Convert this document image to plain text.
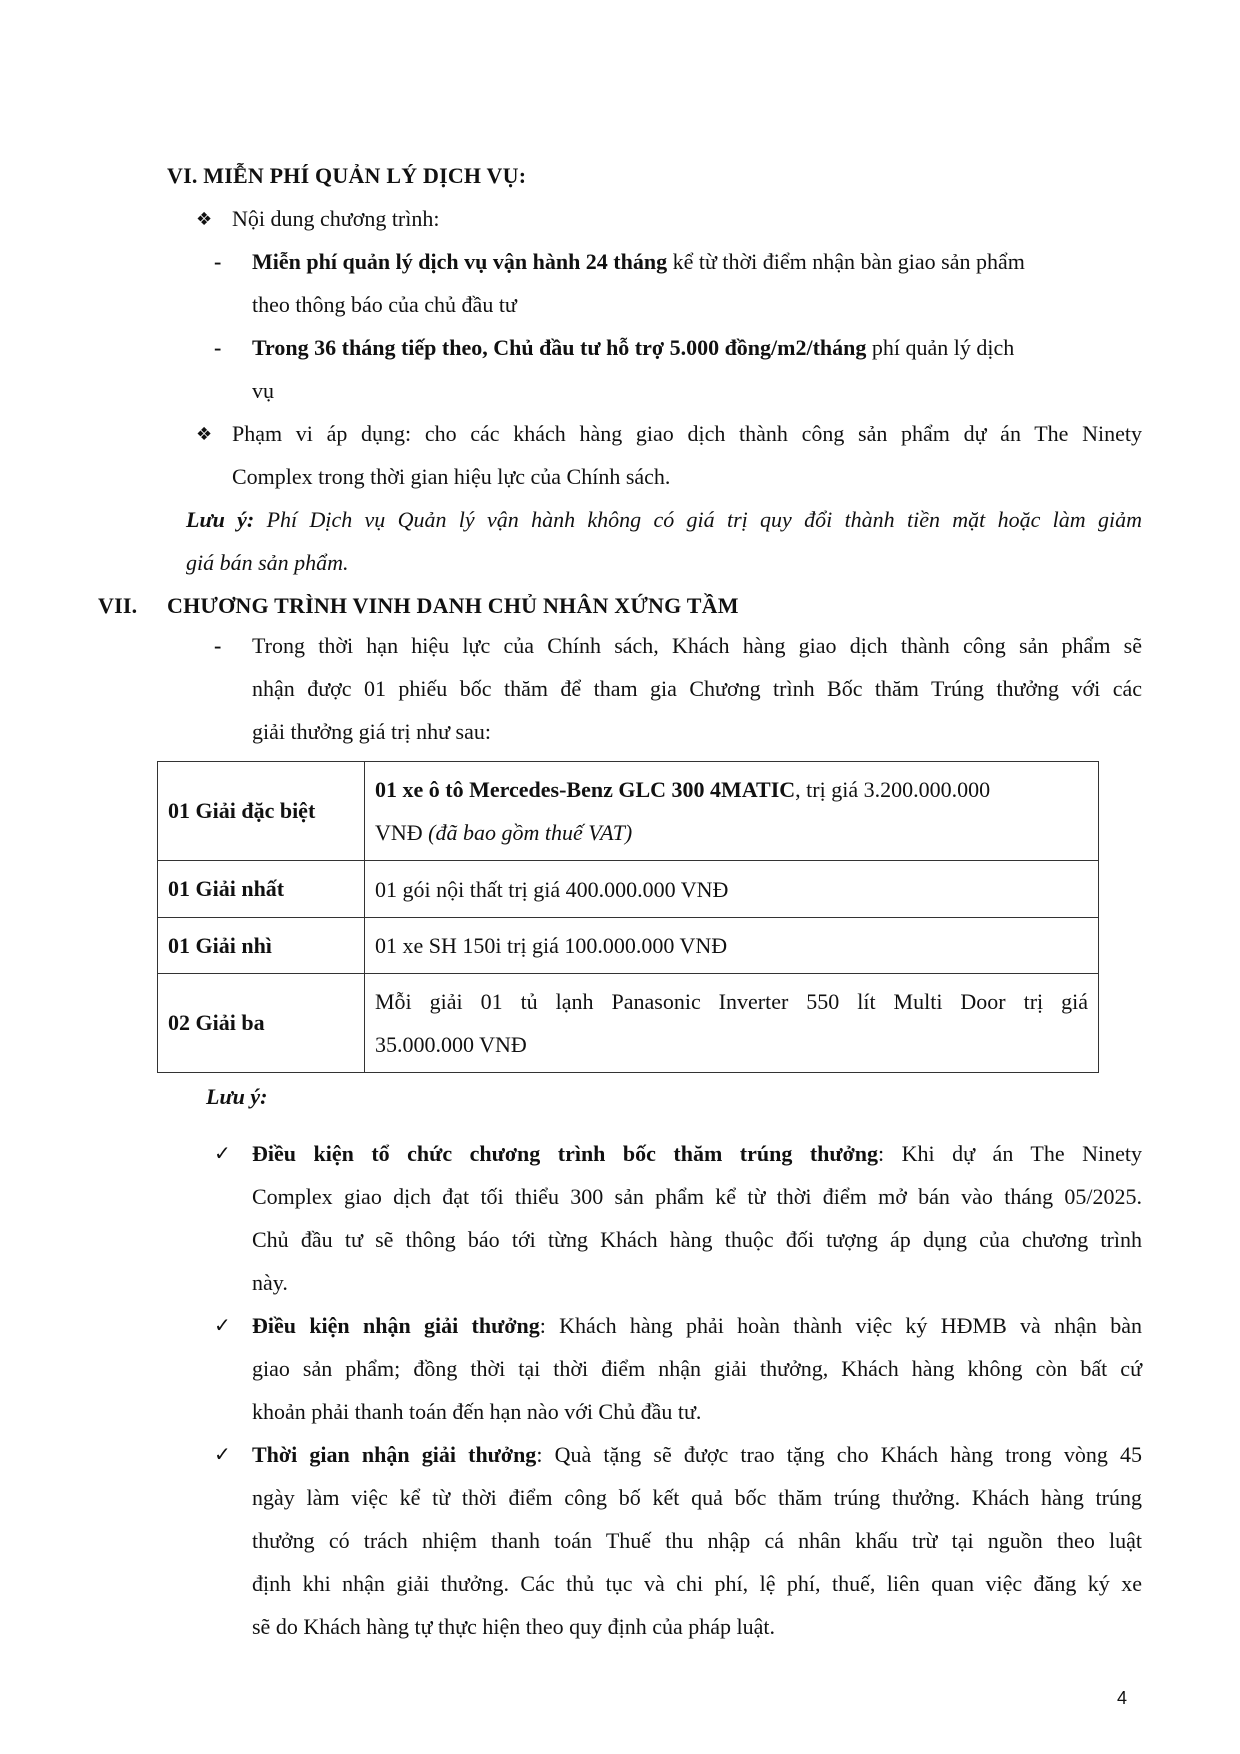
VI. MIỄN PHÍ QUẢN LÝ DỊCH VỤ:
❖ Nội dung chương trình:
- Miễn phí quản lý dịch vụ vận hành 24 tháng kể từ thời điểm nhận bàn giao sản phẩm
theo thông báo của chủ đầu tư
- Trong 36 tháng tiếp theo, Chủ đầu tư hỗ trợ 5.000 đồng/m2/tháng phí quản lý dịch
vụ
❖ Phạm vi áp dụng: cho các khách hàng giao dịch thành công sản phẩm dự án The Ninety
Complex trong thời gian hiệu lực của Chính sách.
Lưu ý: Phí Dịch vụ Quản lý vận hành không có giá trị quy đổi thành tiền mặt hoặc làm giảm
giá bán sản phẩm.
VII. CHƯƠNG TRÌNH VINH DANH CHỦ NHÂN XỨNG TẦM
- Trong thời hạn hiệu lực của Chính sách, Khách hàng giao dịch thành công sản phẩm sẽ
nhận được 01 phiếu bốc thăm để tham gia Chương trình Bốc thăm Trúng thưởng với các
giải thưởng giá trị như sau:
01 Giải đặc biệt	01 xe ô tô Mercedes-Benz GLC 300 4MATIC, trị giá 3.200.000.000
VNĐ (đã bao gồm thuế VAT)

01 Giải nhất	01 gói nội thất trị giá 400.000.000 VNĐ
01 Giải nhì	01 xe SH 150i trị giá 100.000.000 VNĐ
02 Giải ba	Mỗi giải 01 tủ lạnh Panasonic Inverter 550 lít Multi Door trị giá
35.000.000 VNĐ
Lưu ý:
✓ Điều kiện tổ chức chương trình bốc thăm trúng thưởng: Khi dự án The Ninety
Complex giao dịch đạt tối thiểu 300 sản phẩm kể từ thời điểm mở bán vào tháng 05/2025.
Chủ đầu tư sẽ thông báo tới từng Khách hàng thuộc đối tượng áp dụng của chương trình
này.
✓ Điều kiện nhận giải thưởng: Khách hàng phải hoàn thành việc ký HĐMB và nhận bàn
giao sản phẩm; đồng thời tại thời điểm nhận giải thưởng, Khách hàng không còn bất cứ
khoản phải thanh toán đến hạn nào với Chủ đầu tư.
✓ Thời gian nhận giải thưởng: Quà tặng sẽ được trao tặng cho Khách hàng trong vòng 45
ngày làm việc kể từ thời điểm công bố kết quả bốc thăm trúng thưởng. Khách hàng trúng
thưởng có trách nhiệm thanh toán Thuế thu nhập cá nhân khấu trừ tại nguồn theo luật
định khi nhận giải thưởng. Các thủ tục và chi phí, lệ phí, thuế, liên quan việc đăng ký xe
sẽ do Khách hàng tự thực hiện theo quy định của pháp luật.
4
